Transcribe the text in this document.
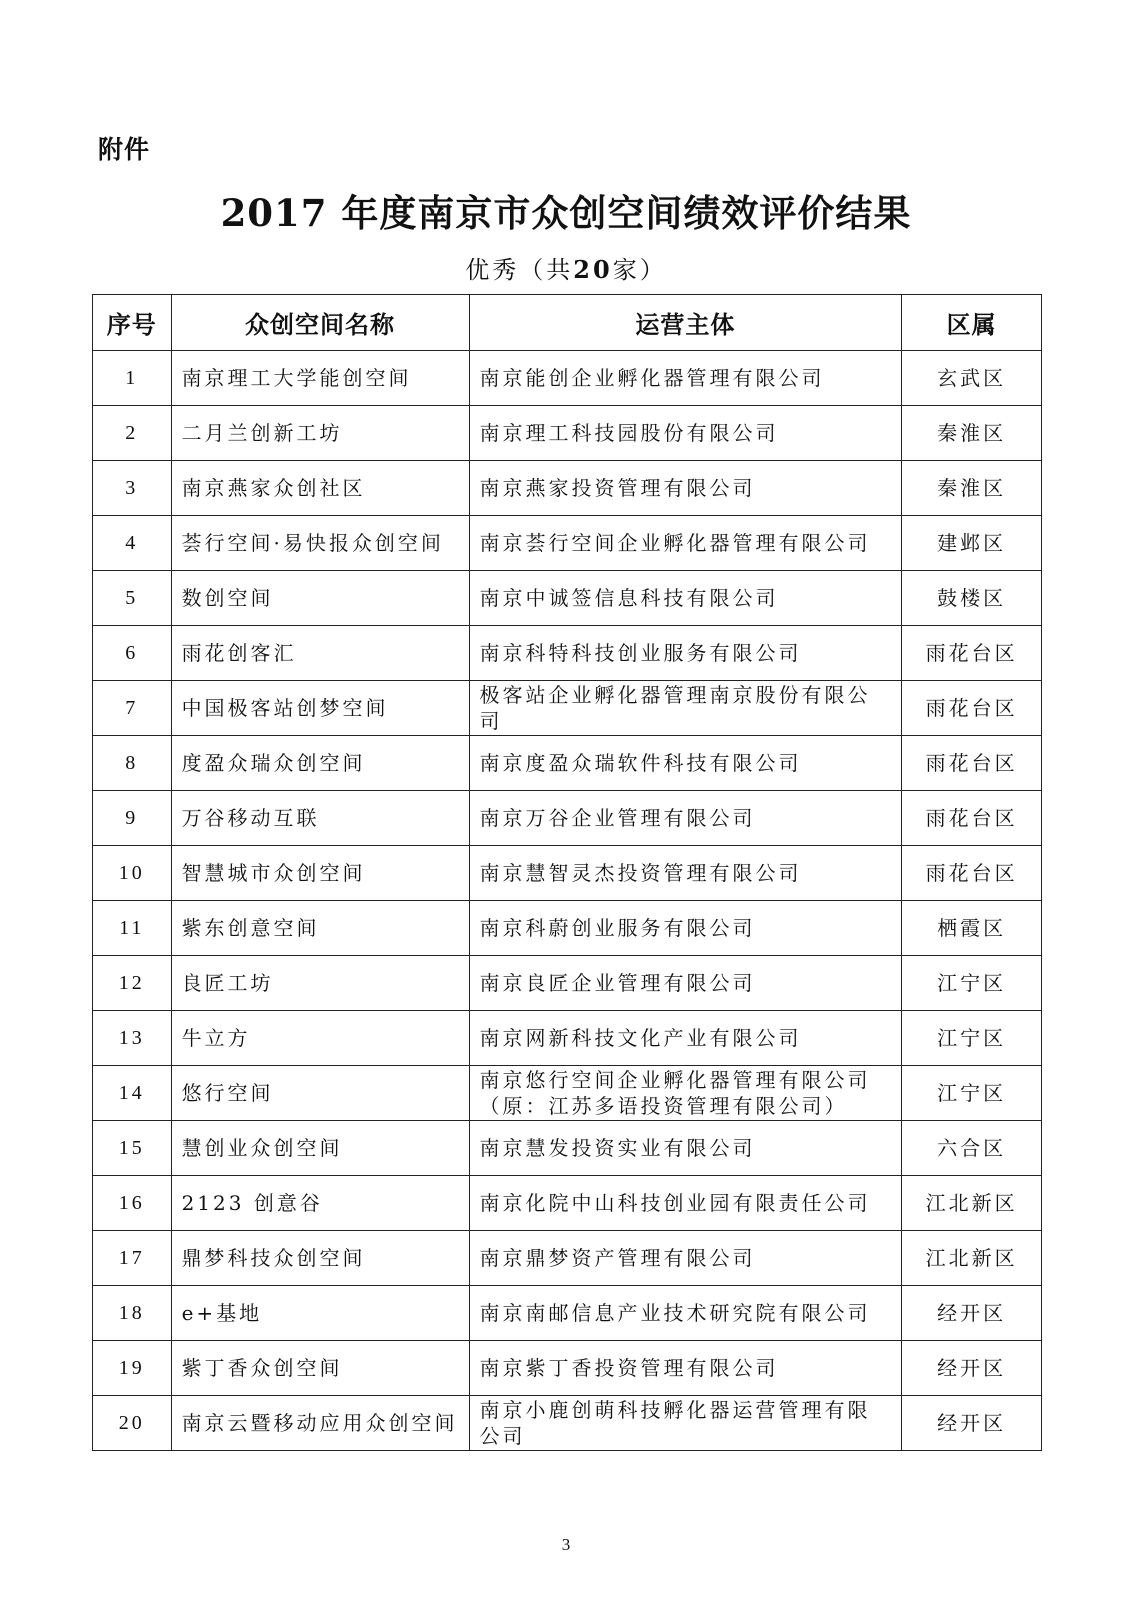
附件
2017 年度南京市众创空间绩效评价结果
优秀（共20家）
序号	众创空间名称	运营主体	区属
1	南京理工大学能创空间	南京能创企业孵化器管理有限公司	玄武区
2	二月兰创新工坊	南京理工科技园股份有限公司	秦淮区
3	南京燕家众创社区	南京燕家投资管理有限公司	秦淮区
4	荟行空间·易快报众创空间	南京荟行空间企业孵化器管理有限公司	建邺区
5	数创空间	南京中诚签信息科技有限公司	鼓楼区
6	雨花创客汇	南京科特科技创业服务有限公司	雨花台区
7	中国极客站创梦空间	极客站企业孵化器管理南京股份有限公司	雨花台区
8	度盈众瑞众创空间	南京度盈众瑞软件科技有限公司	雨花台区
9	万谷移动互联	南京万谷企业管理有限公司	雨花台区
10	智慧城市众创空间	南京慧智灵杰投资管理有限公司	雨花台区
11	紫东创意空间	南京科蔚创业服务有限公司	栖霞区
12	良匠工坊	南京良匠企业管理有限公司	江宁区
13	牛立方	南京网新科技文化产业有限公司	江宁区
14	悠行空间	南京悠行空间企业孵化器管理有限公司（原：江苏多语投资管理有限公司）	江宁区
15	慧创业众创空间	南京慧发投资实业有限公司	六合区
16	2123 创意谷	南京化院中山科技创业园有限责任公司	江北新区
17	鼎梦科技众创空间	南京鼎梦资产管理有限公司	江北新区
18	e+基地	南京南邮信息产业技术研究院有限公司	经开区
19	紫丁香众创空间	南京紫丁香投资管理有限公司	经开区
20	南京云暨移动应用众创空间	南京小鹿创萌科技孵化器运营管理有限公司	经开区
3
